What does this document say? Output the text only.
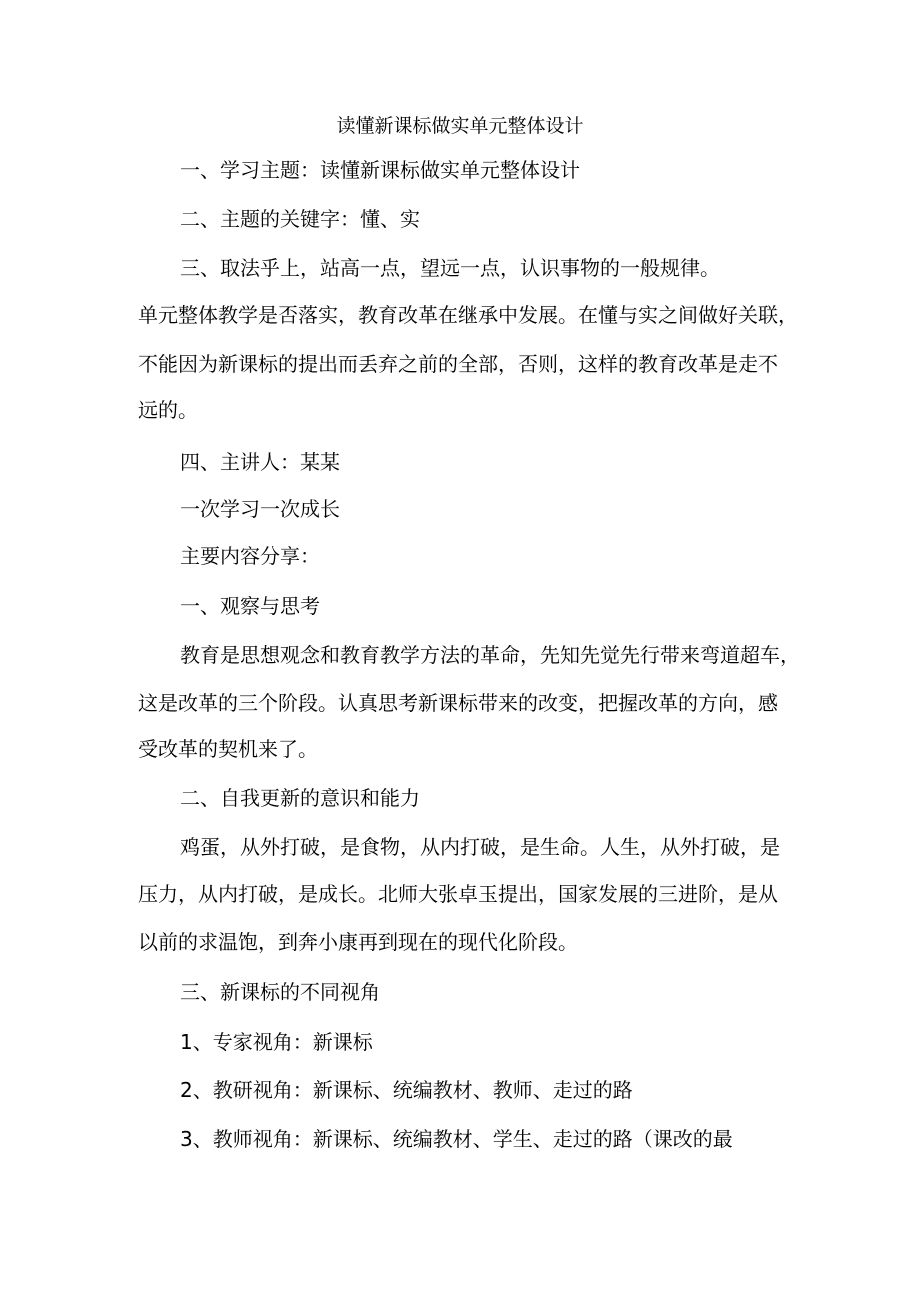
读懂新课标做实单元整体设计

一、学习主题：读懂新课标做实单元整体设计

二、主题的关键字：懂、实

三、取法乎上，站高一点，望远一点，认识事物的一般规律。

单元整体教学是否落实，教育改革在继承中发展。在懂与实之间做好关联，

不能因为新课标的提出而丢弃之前的全部，否则，这样的教育改革是走不

远的。

四、主讲人：某某

一次学习一次成长

主要内容分享：

一、观察与思考

教育是思想观念和教育教学方法的革命，先知先觉先行带来弯道超车，

这是改革的三个阶段。认真思考新课标带来的改变，把握改革的方向，感

受改革的契机来了。

二、自我更新的意识和能力

鸡蛋，从外打破，是食物，从内打破，是生命。人生，从外打破，是

压力，从内打破，是成长。北师大张卓玉提出，国家发展的三进阶，是从

以前的求温饱，到奔小康再到现在的现代化阶段。

三、新课标的不同视角

1、专家视角：新课标

2、教研视角：新课标、统编教材、教师、走过的路

3、教师视角：新课标、统编教材、学生、走过的路（课改的最
